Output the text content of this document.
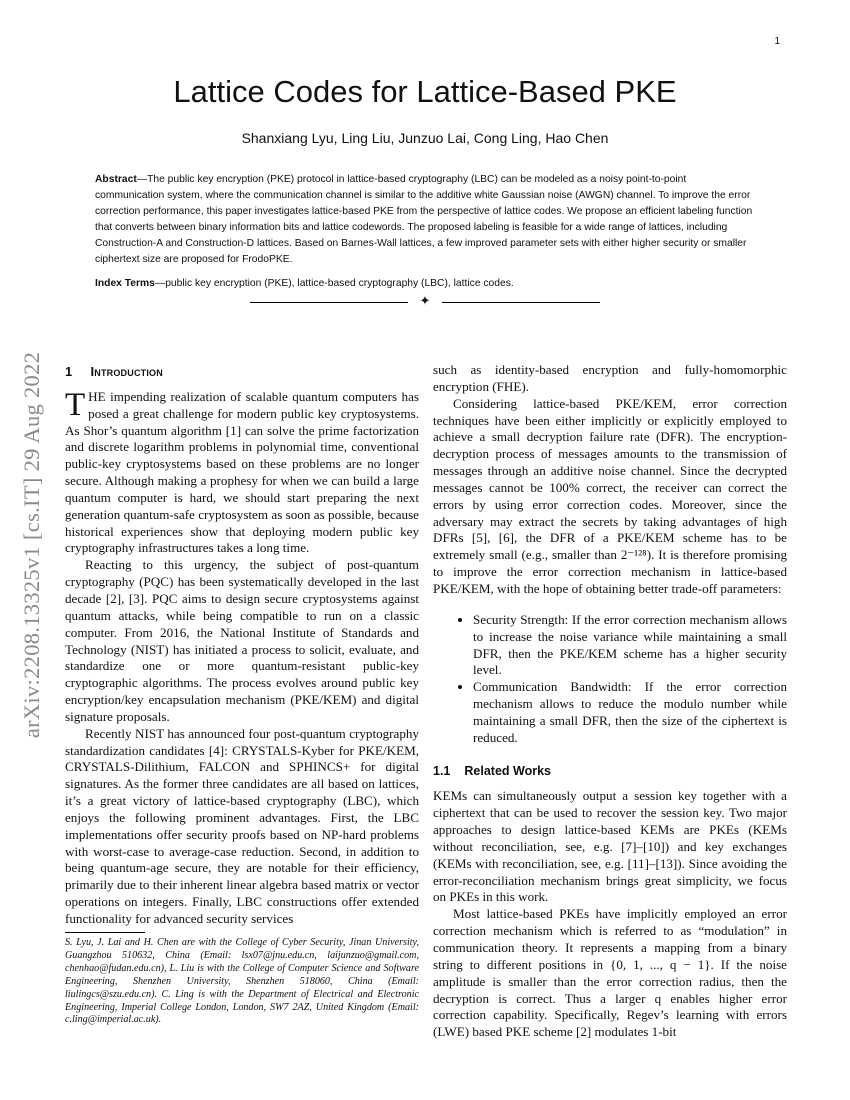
1
arXiv:2208.13325v1 [cs.IT] 29 Aug 2022
Lattice Codes for Lattice-Based PKE
Shanxiang Lyu, Ling Liu, Junzuo Lai, Cong Ling, Hao Chen
Abstract—The public key encryption (PKE) protocol in lattice-based cryptography (LBC) can be modeled as a noisy point-to-point communication system, where the communication channel is similar to the additive white Gaussian noise (AWGN) channel. To improve the error correction performance, this paper investigates lattice-based PKE from the perspective of lattice codes. We propose an efficient labeling function that converts between binary information bits and lattice codewords. The proposed labeling is feasible for a wide range of lattices, including Construction-A and Construction-D lattices. Based on Barnes-Wall lattices, a few improved parameter sets with either higher security or smaller ciphertext size are proposed for FrodoPKE.
Index Terms—public key encryption (PKE), lattice-based cryptography (LBC), lattice codes.
✦
1 Introduction

THE impending realization of scalable quantum computers has posed a great challenge for modern public key cryptosystems. As Shor’s quantum algorithm [1] can solve the prime factorization and discrete logarithm problems in polynomial time, conventional public-key cryptosystems based on these problems are no longer secure. Although making a prophesy for when we can build a large quantum computer is hard, we should start preparing the next generation quantum-safe cryptosystem as soon as possible, because historical experiences show that deploying modern public key cryptography infrastructures takes a long time.

Reacting to this urgency, the subject of post-quantum cryptography (PQC) has been systematically developed in the last decade [2], [3]. PQC aims to design secure cryptosystems against quantum attacks, while being compatible to run on a classic computer. From 2016, the National Institute of Standards and Technology (NIST) has initiated a process to solicit, evaluate, and standardize one or more quantum-resistant public-key cryptographic algorithms. The process evolves around public key encryption/key encapsulation mechanism (PKE/KEM) and digital signature proposals.

Recently NIST has announced four post-quantum cryptography standardization candidates [4]: CRYSTALS-Kyber for PKE/KEM, CRYSTALS-Dilithium, FALCON and SPHINCS+ for digital signatures. As the former three candidates are all based on lattices, it’s a great victory of lattice-based cryptography (LBC), which enjoys the following prominent advantages. First, the LBC implementations offer security proofs based on NP-hard problems with worst-case to average-case reduction. Second, in addition to being quantum-age secure, they are notable for their efficiency, primarily due to their inherent linear algebra based matrix or vector operations on integers. Finally, LBC constructions offer extended functionality for advanced security services

such as identity-based encryption and fully-homomorphic encryption (FHE).

Considering lattice-based PKE/KEM, error correction techniques have been either implicitly or explicitly employed to achieve a small decryption failure rate (DFR). The encryption-decryption process of messages amounts to the transmission of messages through an additive noise channel. Since the decrypted messages cannot be 100% correct, the receiver can correct the errors by using error correction codes. Moreover, since the adversary may extract the secrets by taking advantages of high DFRs [5], [6], the DFR of a PKE/KEM scheme has to be extremely small (e.g., smaller than 2⁻¹²⁸). It is therefore promising to improve the error correction mechanism in lattice-based PKE/KEM, with the hope of obtaining better trade-off parameters:

• Security Strength: If the error correction mechanism allows to increase the noise variance while maintaining a small DFR, then the PKE/KEM scheme has a higher security level.
• Communication Bandwidth: If the error correction mechanism allows to reduce the modulo number while maintaining a small DFR, then the size of the ciphertext is reduced.
1.1 Related Works

KEMs can simultaneously output a session key together with a ciphertext that can be used to recover the session key. Two major approaches to design lattice-based KEMs are PKEs (KEMs without reconciliation, see, e.g. [7]–[10]) and key exchanges (KEMs with reconciliation, see, e.g. [11]–[13]). Since avoiding the error-reconciliation mechanism brings great simplicity, we focus on PKEs in this work.

Most lattice-based PKEs have implicitly employed an error correction mechanism which is referred to as “modulation” in communication theory. It represents a mapping from a binary string to different positions in {0, 1, ..., q − 1}. If the noise amplitude is smaller than the error correction radius, then the decryption is correct. Thus a larger q enables higher error correction capability. Specifically, Regev’s learning with errors (LWE) based PKE scheme [2] modulates 1-bit

S. Lyu, J. Lai and H. Chen are with the College of Cyber Security, Jinan University, Guangzhou 510632, China (Email: lsx07@jnu.edu.cn, laijunzuo@gmail.com, chenhao@fudan.edu.cn), L. Liu is with the College of Computer Science and Software Engineering, Shenzhen University, Shenzhen 518060, China (Email: liulingcs@szu.edu.cn). C. Ling is with the Department of Electrical and Electronic Engineering, Imperial College London, London, SW7 2AZ, United Kingdom (Email: c.ling@imperial.ac.uk).
